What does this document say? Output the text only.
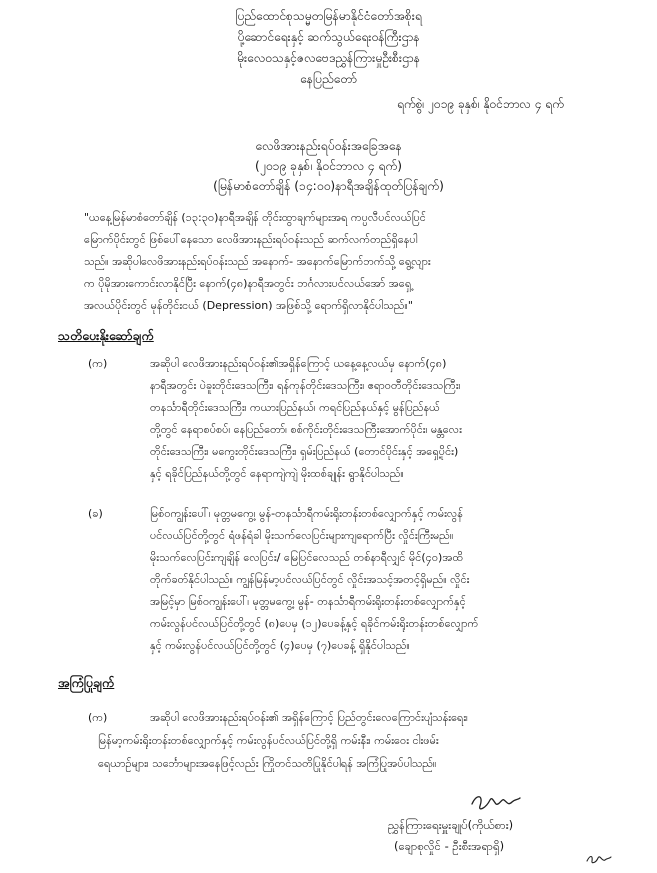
ပြည်ထောင်စုသမ္မတမြန်မာနိုင်ငံတော်အစိုးရ
ပို့ဆောင်ရေးနှင့် ဆက်သွယ်ရေးဝန်ကြီးဌာန
မိုးလေဝသနှင့်ဇလဗေဒညွှန်ကြားမှုဦးစီးဌာန
နေပြည်တော်
ရက်စွဲ၊ ၂၀၁၉ ခုနှစ်၊ နိုဝင်ဘာလ ၄ ရက်
လေဖိအားနည်းရပ်ဝန်းအခြေအနေ
(၂၀၁၉ ခုနှစ်၊ နိုဝင်ဘာလ ၄ ရက်)
(မြန်မာစံတော်ချိန် (၁၄:၀၀)နာရီအချိန်ထုတ်ပြန်ချက်)
"ယနေ့မြန်မာစံတော်ချိန် (၁၃:၃၀)နာရီအချိန် တိုင်းထွာချက်များအရ ကပ္ပလီပင်လယ်ပြင်
မြောက်ပိုင်းတွင် ဖြစ်ပေါ်နေသော လေဖိအားနည်းရပ်ဝန်းသည် ဆက်လက်တည်ရှိနေပါ
သည်။ အဆိုပါလေဖိအားနည်းရပ်ဝန်းသည် အနောက်- အနောက်မြောက်ဘက်သို့ ရွေ့လျား
က ပိုမိုအားကောင်းလာနိုင်ပြီး နောက်(၄၈)နာရီအတွင်း ဘင်္ဂလားပင်လယ်အော် အရှေ့
အလယ်ပိုင်းတွင် မုန်တိုင်းငယ် (Depression) အဖြစ်သို့ ရောက်ရှိလာနိုင်ပါသည်။"
သတိပေးနိုးဆော်ချက်
(က)	အဆိုပါ လေဖိအားနည်းရပ်ဝန်း၏အရှိန်ကြောင့် ယနေ့နေ့လယ်မှ နောက်(၄၈)
နာရီအတွင်း ပဲခူးတိုင်းဒေသကြီး၊ ရန်ကုန်တိုင်းဒေသကြီး၊ ဧရာဝတီတိုင်းဒေသကြီး၊
တနင်္သာရီတိုင်းဒေသကြီး၊ ကယားပြည်နယ်၊ ကရင်ပြည်နယ်နှင့် မွန်ပြည်နယ်
တို့တွင် နေရာစပ်စပ်၊ နေပြည်တော်၊ စစ်ကိုင်းတိုင်းဒေသကြီးအောက်ပိုင်း၊ မန္တလေး
တိုင်းဒေသကြီး၊ မကွေးတိုင်းဒေသကြီး၊ ရှမ်းပြည်နယ် (တောင်ပိုင်းနှင့် အရှေ့ပိုင်း)
နှင့် ရခိုင်ပြည်နယ်တို့တွင် နေရာကျဲကျဲ မိုးထစ်ချုန်း ရွာနိုင်ပါသည်။
(ခ)	မြစ်ဝကျွန်းပေါ်၊ မုတ္တမကွေ့၊ မွန်-တနင်္သာရီကမ်းရိုးတန်းတစ်လျှောက်နှင့် ကမ်းလွန်
ပင်လယ်ပြင်တို့တွင် ရံဖန်ရံခါ မိုးသက်လေပြင်းများကျရောက်ပြီး လှိုင်းကြီးမည်။
မိုးသက်လေပြင်းကျချိန် လေပြင်း/ မြေပြင်လေသည် တစ်နာရီလျှင် မိုင်(၄၀)အထိ
တိုက်ခတ်နိုင်ပါသည်။ ကျွန်မြန်မာ့ပင်လယ်ပြင်တွင် လှိုင်းအသင့်အတင့်ရှိမည်။ လှိုင်း
အမြင့်မှာ မြစ်ဝကျွန်းပေါ်၊ မုတ္တမကွေ့၊ မွန်- တနင်္သာရီကမ်းရိုးတန်းတစ်လျှောက်နှင့်
ကမ်းလွန်ပင်လယ်ပြင်တို့တွင် (၈)ပေမှ (၁၂)ပေခန့်နှင့် ရခိုင်ကမ်းရိုးတန်းတစ်လျှောက်
နှင့် ကမ်းလွန်ပင်လယ်ပြင်တို့တွင် (၄)ပေမှ (၇)ပေခန့် ရှိနိုင်ပါသည်။
အကြံပြုချက်
(က)	အဆိုပါ လေဖိအားနည်းရပ်ဝန်း၏ အရှိန်ကြောင့် ပြည်တွင်းလေကြောင်းပျံသန်းရေး၊
မြန်မာ့ကမ်းရိုးတန်းတစ်လျှောက်နှင့် ကမ်းလွန်ပင်လယ်ပြင်တို့ရှိ ကမ်းနီး၊ ကမ်းဝေး ငါးဖမ်း
ရေယာဉ်များ၊ သင်္ဘောများအနေဖြင့်လည်း ကြိုတင်သတိပြုနိုင်ပါရန် အကြံပြုအပ်ပါသည်။
ညွှန်ကြားရေးမှူးချုပ်(ကိုယ်စား)
(ချောစုလှိုင် - ဦးစီးအရာရှိ)
